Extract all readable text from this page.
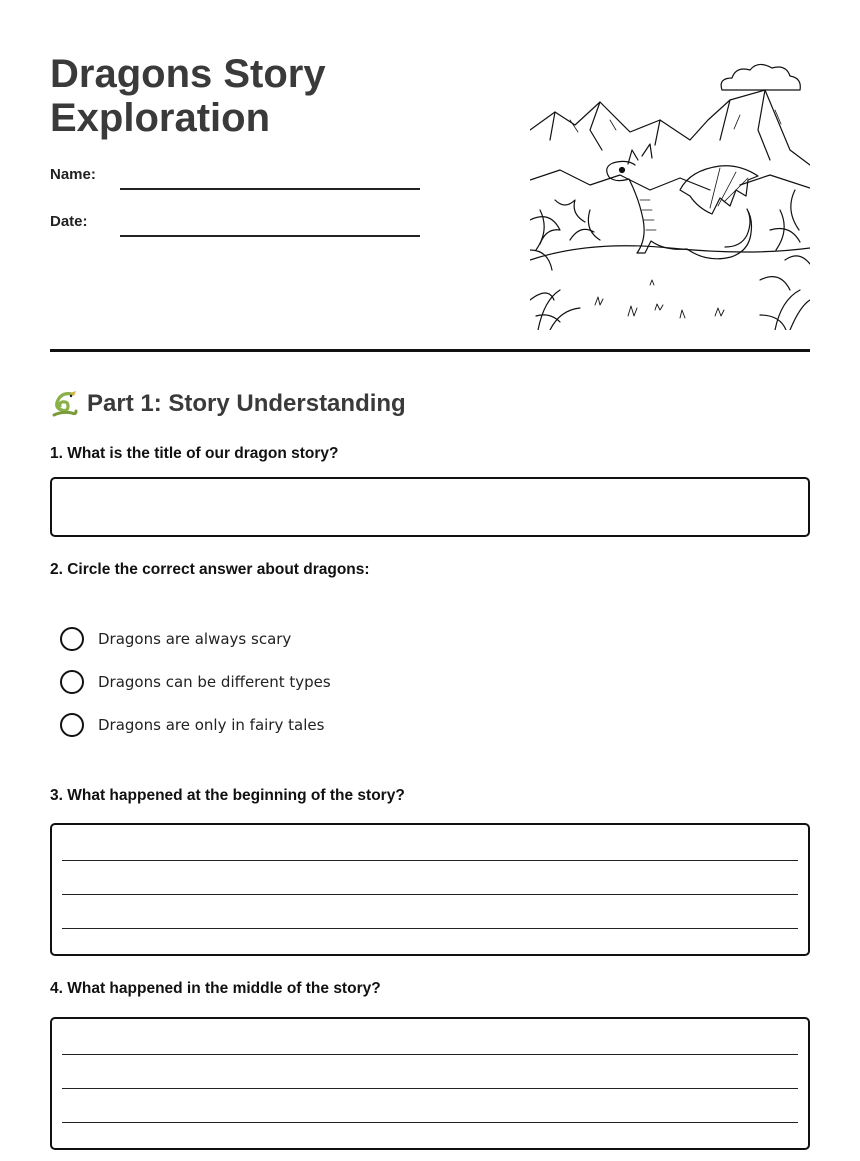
Dragons Story Exploration
Name:
Date:
Part 1: Story Understanding
1. What is the title of our dragon story?
2. Circle the correct answer about dragons:
Dragons are always scary
Dragons can be different types
Dragons are only in fairy tales
3. What happened at the beginning of the story?
4. What happened in the middle of the story?
